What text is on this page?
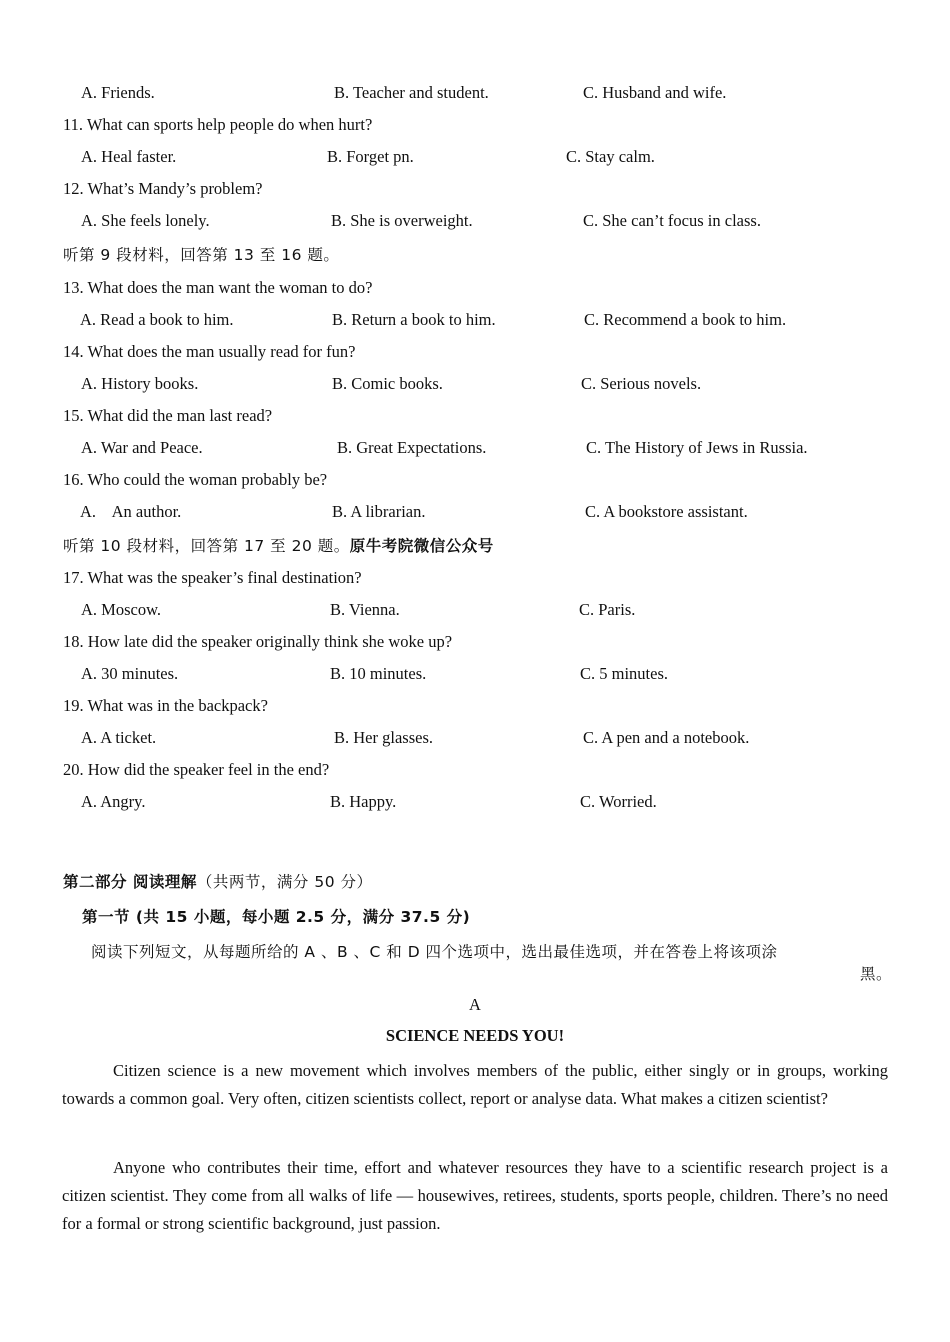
A. Friends.	B. Teacher and student.	C. Husband and wife.
11. What can sports help people do when hurt?
A. Heal faster.	B. Forget pn.	C. Stay calm.
12. What’s Mandy’s problem?
A. She feels lonely.	B. She is overweight.	C. She can’t focus in class.
听第 9 段材料，回答第 13 至 16 题。
13. What does the man want the woman to do?
A. Read a book to him.	B. Return a book to him.	C. Recommend a book to him.
14. What does the man usually read for fun?
A. History books.	B. Comic books.	C. Serious novels.
15. What did the man last read?
A. War and Peace.	B. Great Expectations.	C. The History of Jews in Russia.
16. Who could the woman probably be?
A.    An author.	B. A librarian.	C. A bookstore assistant.
听第 10 段材料，回答第 17 至 20 题。原牛考院微信公众号
17. What was the speaker’s final destination?
A. Moscow.	B. Vienna.	C. Paris.
18. How late did the speaker originally think she woke up?
A. 30 minutes.	B. 10 minutes.	C. 5 minutes.
19. What was in the backpack?
A. A ticket.	B. Her glasses.	C. A pen and a notebook.
20. How did the speaker feel in the end?
A. Angry.	B. Happy.	C. Worried.
第二部分 阅读理解（共两节，满分 50 分）
第一节 (共 15 小题，每小题 2.5 分，满分 37.5 分)
阅读下列短文，从每题所给的 A 、B 、C 和 D 四个选项中，选出最佳选项，并在答卷上将该项涂
黑。
A
SCIENCE NEEDS YOU!
Citizen science is a new movement which involves members of the public, either singly or in groups, working towards a common goal. Very often, citizen scientists collect, report or analyse data. What makes a citizen scientist?
Anyone who contributes their time, effort and whatever resources they have to a scientific research project is a citizen scientist. They come from all walks of life — housewives, retirees, students, sports people, children. There’s no need for a formal or strong scientific background, just passion.
